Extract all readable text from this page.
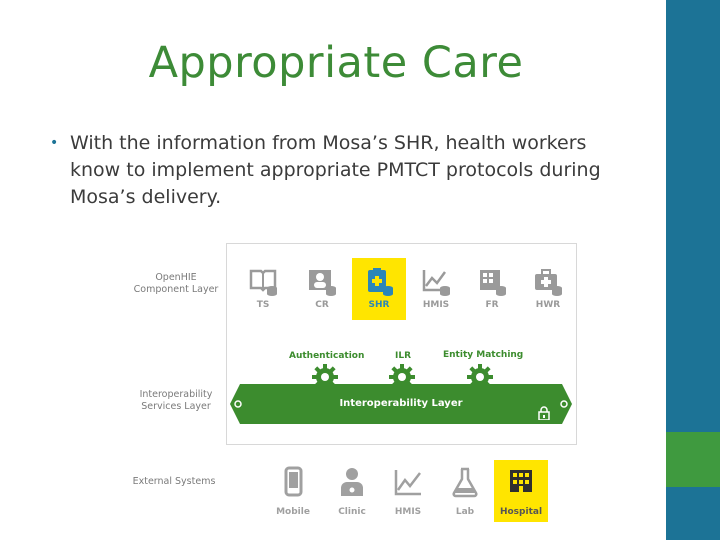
Appropriate Care
• With the information from Mosa’s SHR, health workers know to implement appropriate PMTCT protocols during Mosa’s delivery.
OpenHIE Component Layer
Interoperability Services Layer
External Systems
TS	CR	SHR	HMIS	FR	HWR
Authentication	ILR	Entity Matching
Interoperability Layer
Mobile	Clinic	HMIS	Lab	Hospital
